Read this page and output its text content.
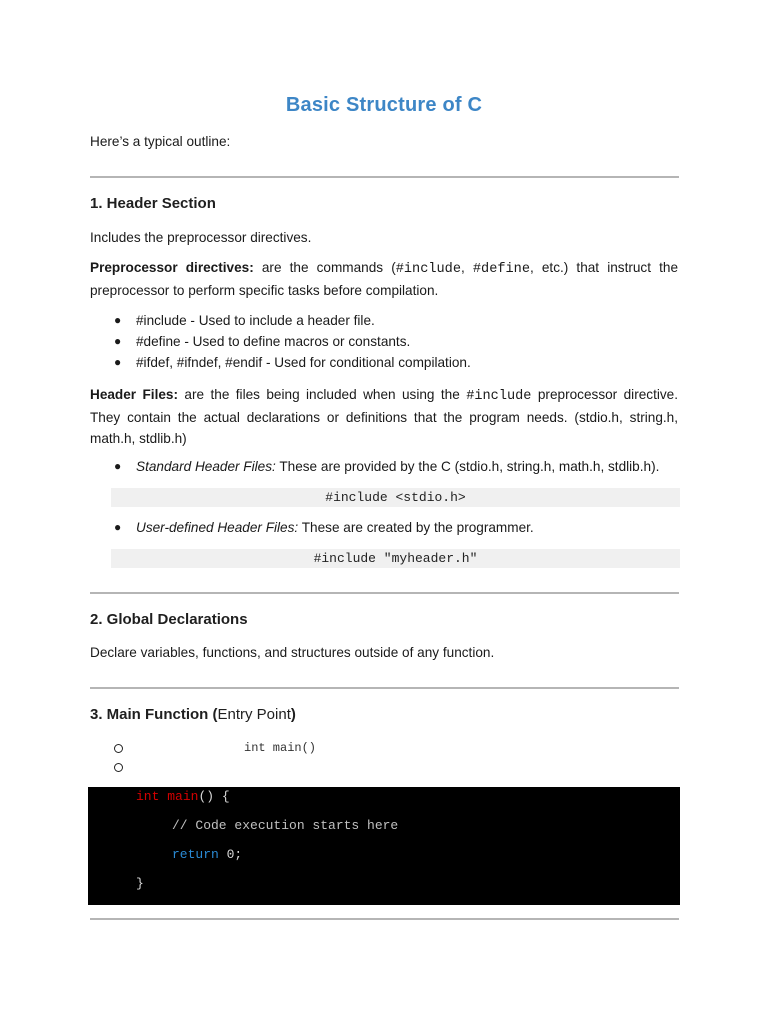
Basic Structure of C
Here’s a typical outline:
1. Header Section
Includes the preprocessor directives.
Preprocessor directives: are the commands (#include, #define, etc.) that instruct the preprocessor to perform specific tasks before compilation.
● #include - Used to include a header file.
● #define - Used to define macros or constants.
● #ifdef, #ifndef, #endif - Used for conditional compilation.
Header Files: are the files being included when using the #include preprocessor directive. They contain the actual declarations or definitions that the program needs. (stdio.h, string.h, math.h, stdlib.h)
● Standard Header Files: These are provided by the C (stdio.h, string.h, math.h, stdlib.h).
#include <stdio.h>
● User-defined Header Files: These are created by the programmer.
#include "myheader.h"
2. Global Declarations
Declare variables, functions, and structures outside of any function.
3. Main Function (Entry Point)
int main()
int main() {
// Code execution starts here
return 0;
}
